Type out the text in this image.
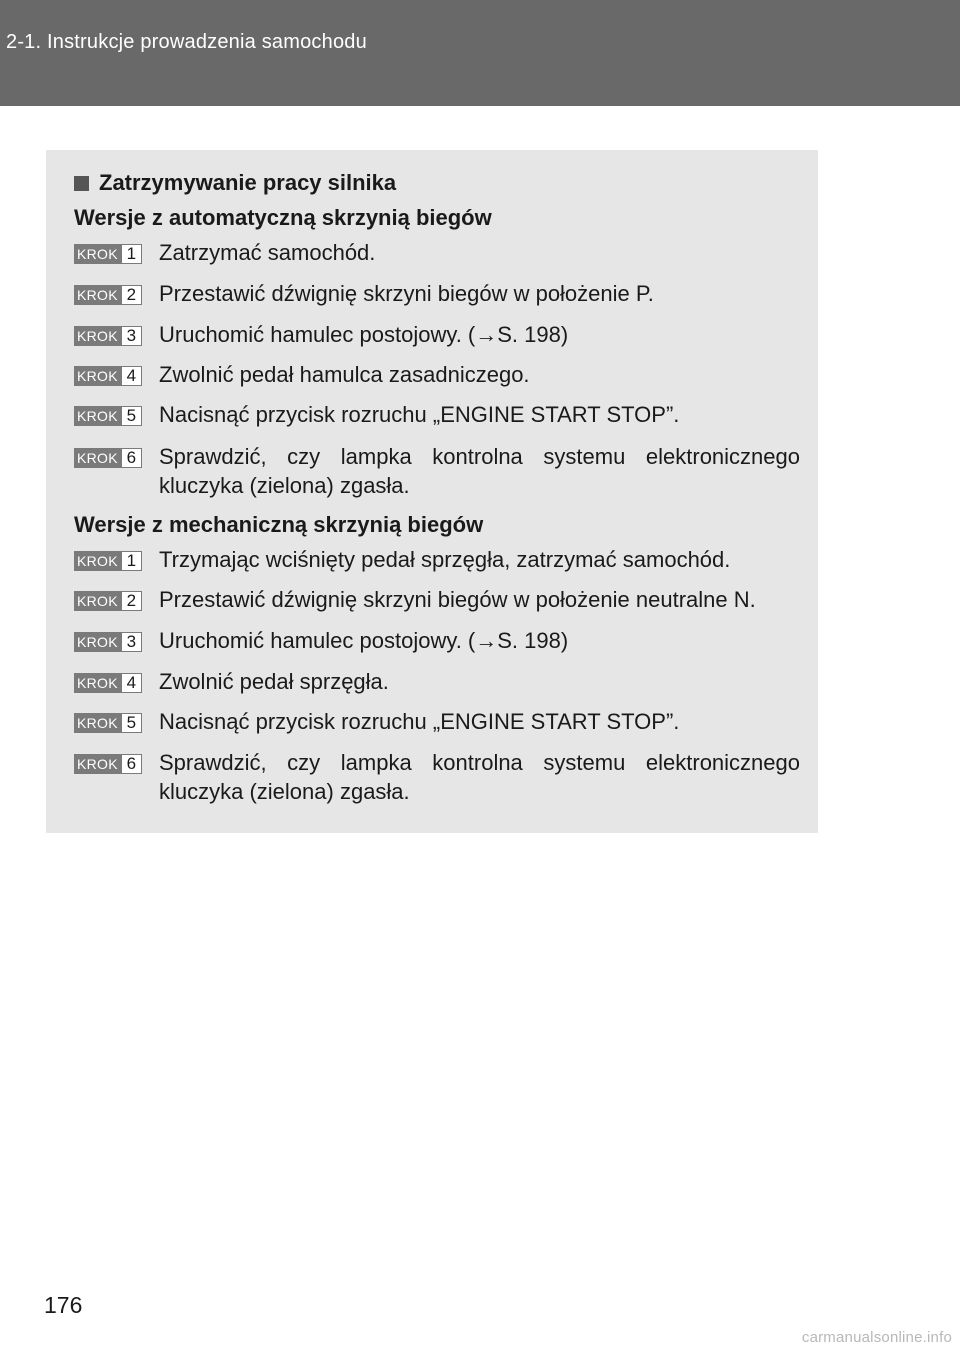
2-1. Instrukcje prowadzenia samochodu
Zatrzymywanie pracy silnika
Wersje z automatyczną skrzynią biegów
KROK 1 Zatrzymać samochód.
KROK 2 Przestawić dźwignię skrzyni biegów w położenie P.
KROK 3 Uruchomić hamulec postojowy. (→S. 198)
KROK 4 Zwolnić pedał hamulca zasadniczego.
KROK 5 Nacisnąć przycisk rozruchu „ENGINE START STOP”.
KROK 6 Sprawdzić, czy lampka kontrolna systemu elektronicznego kluczyka (zielona) zgasła.
Wersje z mechaniczną skrzynią biegów
KROK 1 Trzymając wciśnięty pedał sprzęgła, zatrzymać samochód.
KROK 2 Przestawić dźwignię skrzyni biegów w położenie neutralne N.
KROK 3 Uruchomić hamulec postojowy. (→S. 198)
KROK 4 Zwolnić pedał sprzęgła.
KROK 5 Nacisnąć przycisk rozruchu „ENGINE START STOP”.
KROK 6 Sprawdzić, czy lampka kontrolna systemu elektronicznego kluczyka (zielona) zgasła.
176
carmanualsonline.info
